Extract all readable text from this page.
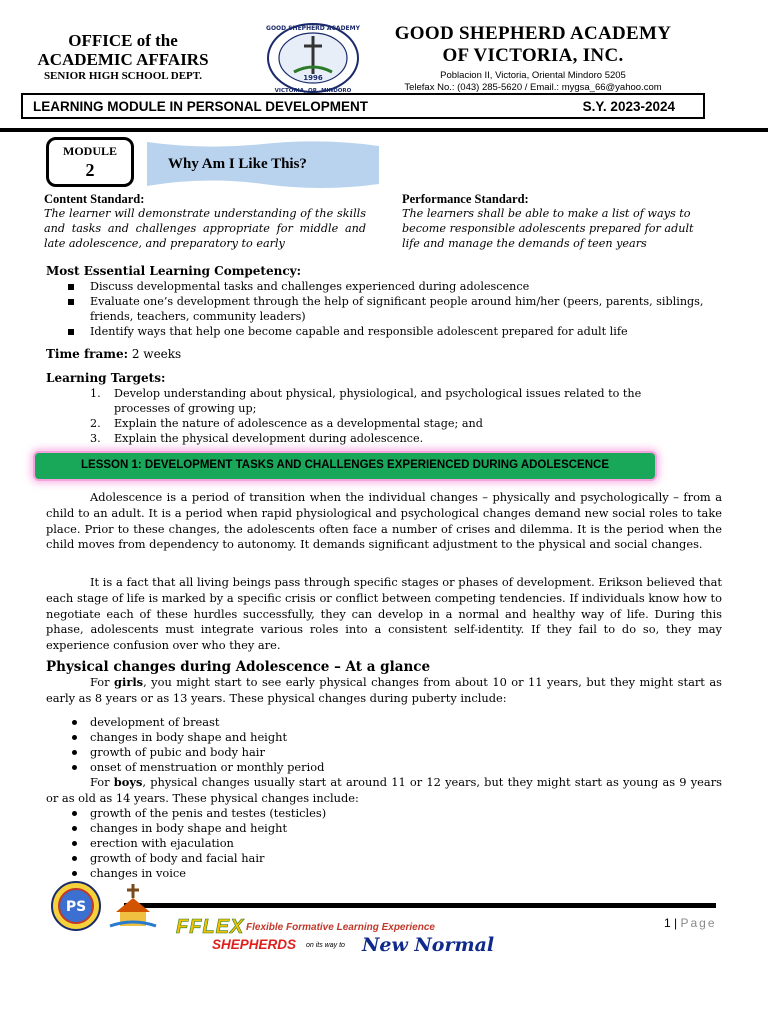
OFFICE of the
ACADEMIC AFFAIRS
SENIOR HIGH SCHOOL DEPT.
GOOD SHEPHERD ACADEMY
VICTORIA, OR. MINDORO
1996
GOOD SHEPHERD ACADEMY
OF VICTORIA, INC.
Poblacion II, Victoria, Oriental Mindoro 5205
Telefax No.: (043) 285-5620 / Email.: mygsa_66@yahoo.com
LEARNING MODULE IN PERSONAL DEVELOPMENT	S.Y. 2023-2024
Why Am I Like This?
MODULE
2
Content Standard:
The learner will demonstrate understanding of the skills and tasks and challenges appropriate for middle and late adolescence, and preparatory to early
Performance Standard:
The learners shall be able to make a list of ways to become responsible adolescents prepared for adult life and manage the demands of teen years
Most Essential Learning Competency:
Discuss developmental tasks and challenges experienced during adolescence
Evaluate one’s development through the help of significant people around him/her (peers, parents, siblings, friends, teachers, community leaders)
Identify ways that help one become capable and responsible adolescent prepared for adult life
Time frame: 2 weeks
Learning Targets:
1. Develop understanding about physical, physiological, and psychological issues related to the processes of growing up;
2. Explain the nature of adolescence as a developmental stage; and
3. Explain the physical development during adolescence.
LESSON 1: DEVELOPMENT TASKS AND CHALLENGES EXPERIENCED DURING ADOLESCENCE
Adolescence is a period of transition when the individual changes – physically and psychologically – from a child to an adult. It is a period when rapid physiological and psychological changes demand new social roles to take place. Prior to these changes, the adolescents often face a number of crises and dilemma. It is the period when the child moves from dependency to autonomy. It demands significant adjustment to the physical and social changes.
It is a fact that all living beings pass through specific stages or phases of development. Erikson believed that each stage of life is marked by a specific crisis or conflict between competing tendencies. If individuals know how to negotiate each of these hurdles successfully, they can develop in a normal and healthy way of life. During this phase, adolescents must integrate various roles into a consistent self-identity. If they fail to do so, they may experience confusion over who they are.
Physical changes during Adolescence – At a glance
For girls, you might start to see early physical changes from about 10 or 11 years, but they might start as early as 8 years or as 13 years. These physical changes during puberty include:
development of breast
changes in body shape and height
growth of pubic and body hair
onset of menstruation or monthly period
For boys, physical changes usually start at around 11 or 12 years, but they might start as young as 9 years or as old as 14 years. These physical changes include:
growth of the penis and testes (testicles)
changes in body shape and height
erection with ejaculation
growth of body and facial hair
changes in voice
PS
FFLEX Flexible Formative Learning Experience
SHEPHERDS on its way to New Normal
1 | Page
